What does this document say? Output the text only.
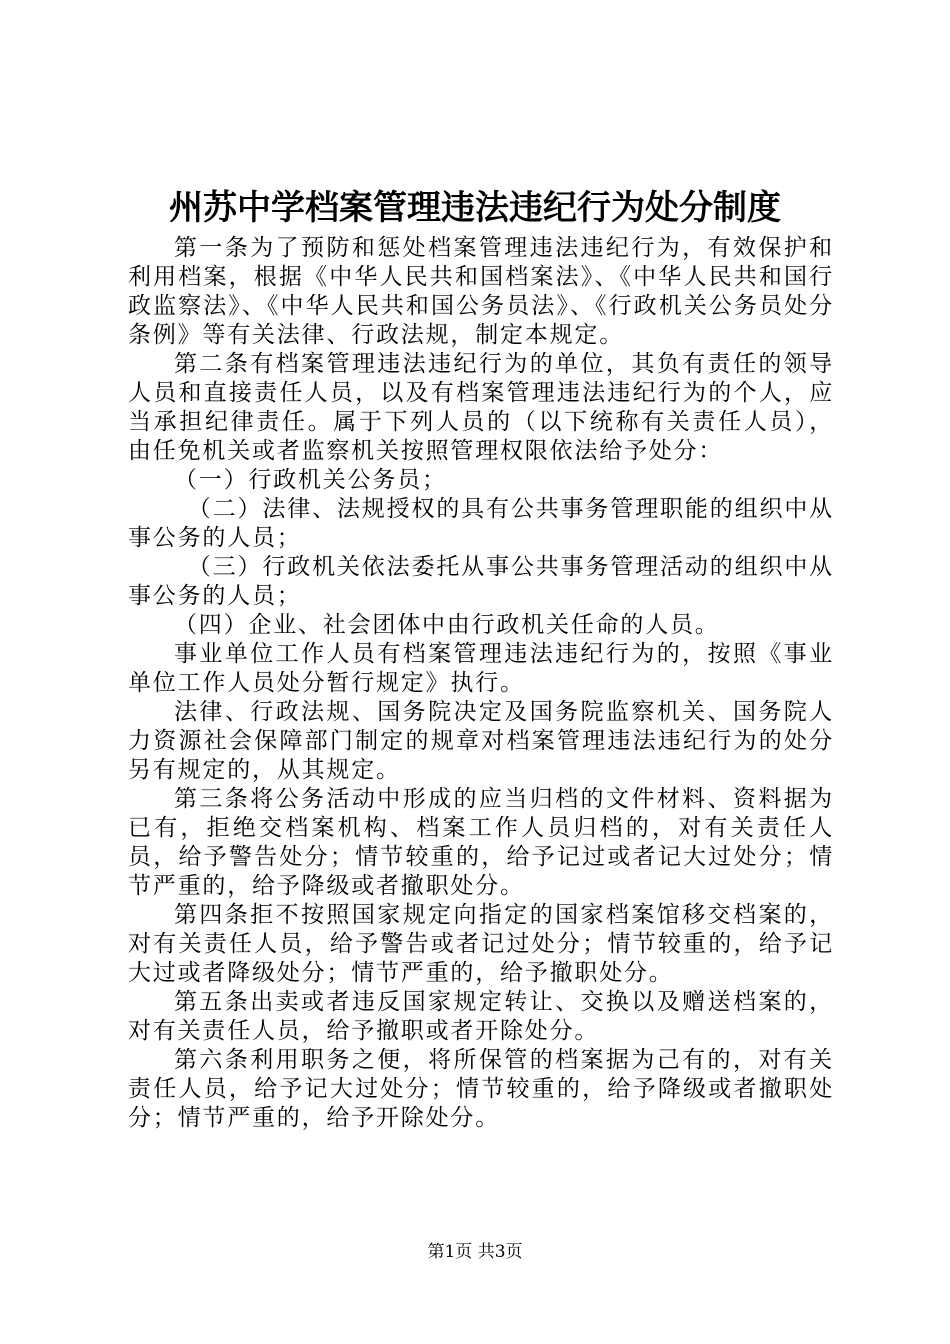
州苏中学档案管理违法违纪行为处分制度

第一条为了预防和惩处档案管理违法违纪行为，有效保护和利用档案，根据《中华人民共和国档案法》、《中华人民共和国行政监察法》、《中华人民共和国公务员法》、《行政机关公务员处分条例》等有关法律、行政法规，制定本规定。

第二条有档案管理违法违纪行为的单位，其负有责任的领导人员和直接责任人员，以及有档案管理违法违纪行为的个人，应当承担纪律责任。属于下列人员的（以下统称有关责任人员），由任免机关或者监察机关按照管理权限依法给予处分：

（一）行政机关公务员；

（二）法律、法规授权的具有公共事务管理职能的组织中从事公务的人员；

（三）行政机关依法委托从事公共事务管理活动的组织中从事公务的人员；

（四）企业、社会团体中由行政机关任命的人员。

事业单位工作人员有档案管理违法违纪行为的，按照《事业单位工作人员处分暂行规定》执行。

法律、行政法规、国务院决定及国务院监察机关、国务院人力资源社会保障部门制定的规章对档案管理违法违纪行为的处分另有规定的，从其规定。

第三条将公务活动中形成的应当归档的文件材料、资料据为已有，拒绝交档案机构、档案工作人员归档的，对有关责任人员，给予警告处分；情节较重的，给予记过或者记大过处分；情节严重的，给予降级或者撤职处分。

第四条拒不按照国家规定向指定的国家档案馆移交档案的，对有关责任人员，给予警告或者记过处分；情节较重的，给予记大过或者降级处分；情节严重的，给予撤职处分。

第五条出卖或者违反国家规定转让、交换以及赠送档案的，对有关责任人员，给予撤职或者开除处分。

第六条利用职务之便，将所保管的档案据为己有的，对有关责任人员，给予记大过处分；情节较重的，给予降级或者撤职处分；情节严重的，给予开除处分。

第1页 共3页
